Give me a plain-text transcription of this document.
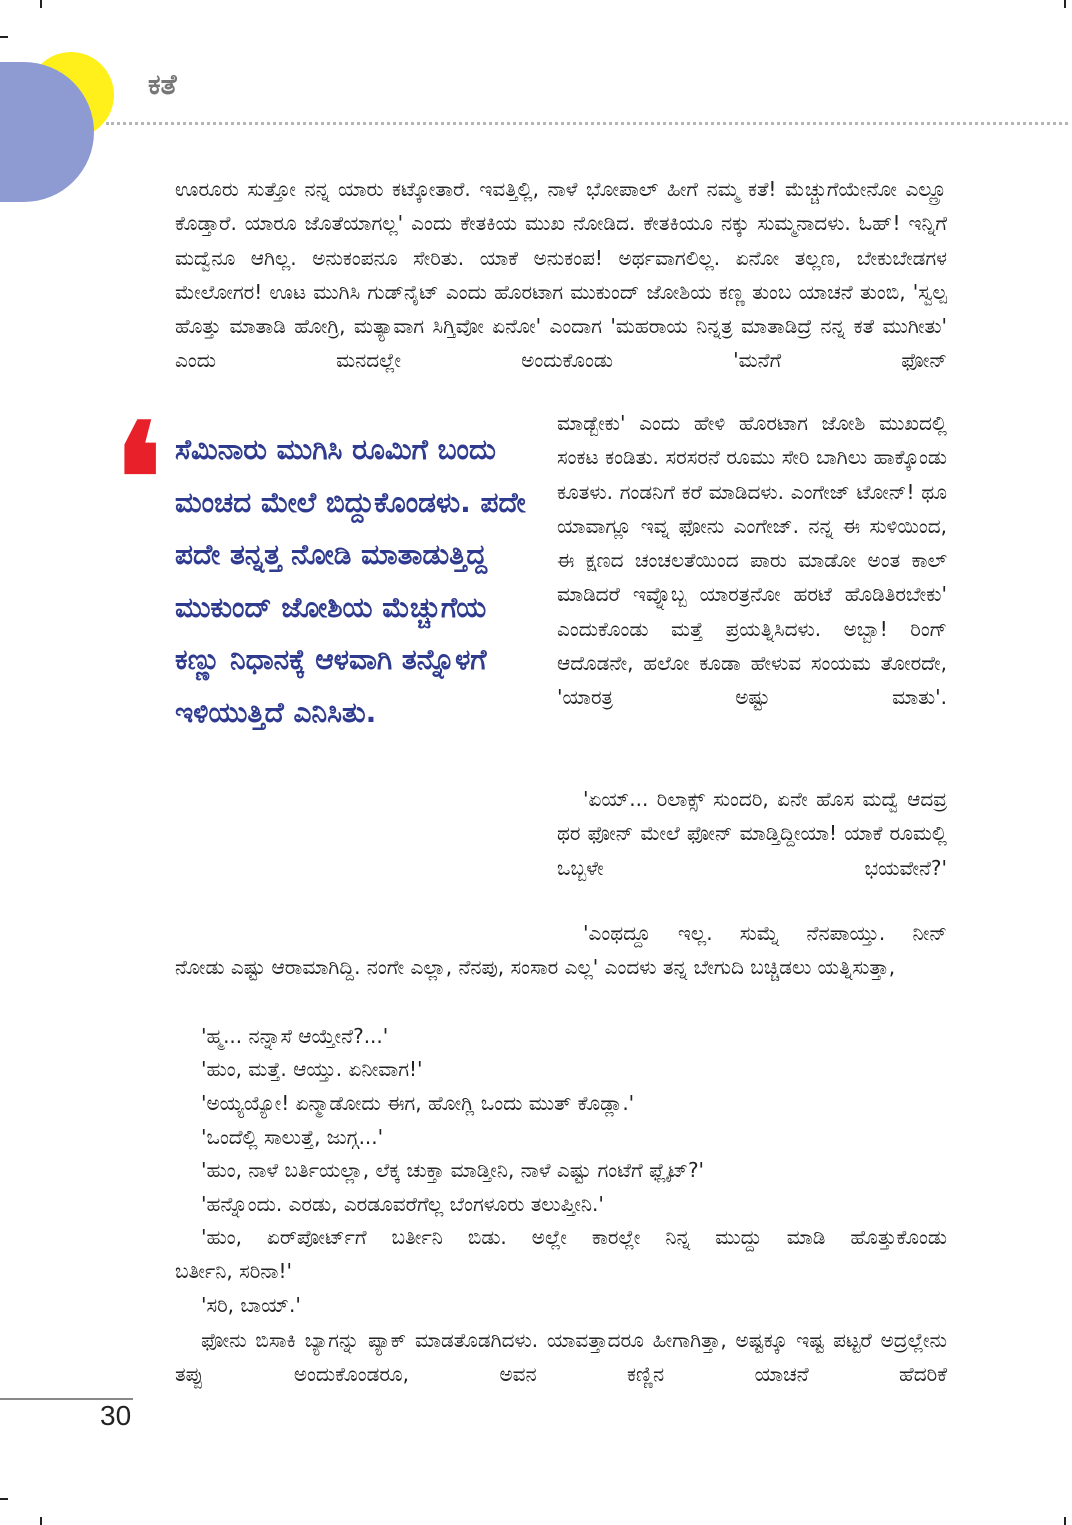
ಕತೆ

ಊರೂರು ಸುತ್ತೋ ನನ್ನ ಯಾರು ಕಟ್ಕೋತಾರೆ. ಇವತ್ತಿಲ್ಲಿ, ನಾಳೆ ಭೋಪಾಲ್ ಹೀಗೆ ನಮ್ಮ ಕತೆ! ಮೆಚ್ಚುಗೆಯೇನೋ ಎಲ್ಲ್ರೂ ಕೊಡ್ತಾರೆ. ಯಾರೂ ಜೊತೆಯಾಗಲ್ಲ' ಎಂದು ಕೇತಕಿಯ ಮುಖ ನೋಡಿದ. ಕೇತಕಿಯೂ ನಕ್ಕು ಸುಮ್ಮನಾದಳು. ಓಹ್! ಇನ್ನಿಗೆ ಮದ್ವೆನೂ ಆಗಿಲ್ಲ. ಅನುಕಂಪನೂ ಸೇರಿತು. ಯಾಕೆ ಅನುಕಂಪ! ಅರ್ಥವಾಗಲಿಲ್ಲ. ಏನೋ ತಲ್ಲಣ, ಬೇಕುಬೇಡಗಳ ಮೇಲೋಗರ! ಊಟ ಮುಗಿಸಿ ಗುಡ್‌ನೈಟ್ ಎಂದು ಹೊರಟಾಗ ಮುಕುಂದ್ ಜೋಶಿಯ ಕಣ್ಣ ತುಂಬ ಯಾಚನೆ ತುಂಬಿ, 'ಸ್ವಲ್ಪ ಹೊತ್ತು ಮಾತಾಡಿ ಹೋಗ್ರಿ, ಮತ್ಯಾವಾಗ ಸಿಗ್ತಿವೋ ಏನೋ' ಎಂದಾಗ 'ಮಹರಾಯ ನಿನ್ನತ್ರ ಮಾತಾಡಿದ್ರೆ ನನ್ನ ಕತೆ ಮುಗೀತು' ಎಂದು ಮನದಲ್ಲೇ ಅಂದುಕೊಂಡು 'ಮನೆಗೆ ಫೋನ್

❛ ಸೆಮಿನಾರು ಮುಗಿಸಿ ರೂಮಿಗೆ ಬಂದು ಮಂಚದ ಮೇಲೆ ಬಿದ್ದುಕೊಂಡಳು. ಪದೇ ಪದೇ ತನ್ನತ್ತ ನೋಡಿ ಮಾತಾಡುತ್ತಿದ್ದ ಮುಕುಂದ್ ಜೋಶಿಯ ಮೆಚ್ಚುಗೆಯ ಕಣ್ಣು ನಿಧಾನಕ್ಕೆ ಆಳವಾಗಿ ತನ್ನೊಳಗೆ ಇಳಿಯುತ್ತಿದೆ ಎನಿಸಿತು.

ಮಾಡ್ಬೇಕು' ಎಂದು ಹೇಳಿ ಹೊರಟಾಗ ಜೋಶಿ ಮುಖದಲ್ಲಿ ಸಂಕಟ ಕಂಡಿತು. ಸರಸರನೆ ರೂಮು ಸೇರಿ ಬಾಗಿಲು ಹಾಕ್ಕೊಂಡು ಕೂತಳು. ಗಂಡನಿಗೆ ಕರೆ ಮಾಡಿದಳು. ಎಂಗೇಜ್ ಟೋನ್! ಥೂ ಯಾವಾಗ್ಲೂ ಇವ್ನ ಫೋನು ಎಂಗೇಜ್. ನನ್ನ ಈ ಸುಳಿಯಿಂದ, ಈ ಕ್ಷಣದ ಚಂಚಲತೆಯಿಂದ ಪಾರು ಮಾಡೋ ಅಂತ ಕಾಲ್ ಮಾಡಿದರೆ ಇವ್ನೊಬ್ಬ ಯಾರತ್ರನೋ ಹರಟೆ ಹೊಡಿತಿರಬೇಕು' ಎಂದುಕೊಂಡು ಮತ್ತೆ ಪ್ರಯತ್ನಿಸಿದಳು. ಅಬ್ಬಾ! ರಿಂಗ್ ಆದೊಡನೇ, ಹಲೋ ಕೂಡಾ ಹೇಳುವ ಸಂಯಮ ತೋರದೇ, 'ಯಾರತ್ರ ಅಷ್ಟು ಮಾತು'.

'ಏಯ್... ರಿಲಾಕ್ಸ್ ಸುಂದರಿ, ಏನೇ ಹೊಸ ಮದ್ವೆ ಆದವ್ರ ಥರ ಫೋನ್ ಮೇಲೆ ಫೋನ್ ಮಾಡ್ತಿದ್ದೀಯಾ! ಯಾಕೆ ರೂಮಲ್ಲಿ ಒಬ್ಬಳೇ ಭಯವೇನೆ?'

'ಎಂಥದ್ದೂ ಇಲ್ಲ. ಸುಮ್ನೆ ನೆನಪಾಯ್ತು. ನೀನ್

ನೋಡು ಎಷ್ಟು ಆರಾಮಾಗಿದ್ದಿ. ನಂಗೇ ಎಲ್ಲಾ, ನೆನಪು, ಸಂಸಾರ ಎಲ್ಲ' ಎಂದಳು ತನ್ನ ಬೇಗುದಿ ಬಚ್ಚಿಡಲು ಯತ್ನಿಸುತ್ತಾ,

'ಹ್ಮ... ನನ್ನಾಸೆ ಆಯ್ತೇನೆ?...'

'ಹುಂ, ಮತ್ತೆ. ಆಯ್ತು. ಏನೀವಾಗ!'

'ಅಯ್ಯಯ್ಯೋ! ಏನ್ಮಾಡೋದು ಈಗ, ಹೋಗ್ಲಿ ಒಂದು ಮುತ್ ಕೊಡ್ಲಾ.'

'ಒಂದೆಲ್ಲಿ ಸಾಲುತ್ತೆ, ಜುಗ್ಗ...'

'ಹುಂ, ನಾಳೆ ಬರ್ತಿಯಲ್ಲಾ, ಲೆಕ್ಕ ಚುಕ್ತಾ ಮಾಡ್ತೀನಿ, ನಾಳೆ ಎಷ್ಟು ಗಂಟೆಗೆ ಫ್ಲೈಟ್?'

'ಹನ್ನೊಂದು. ಎರಡು, ಎರಡೂವರೆಗೆಲ್ಲ ಬೆಂಗಳೂರು ತಲುಪ್ತೀನಿ.'

'ಹುಂ, ಏರ್‌ಪೋರ್ಟ್‌ಗೆ ಬರ್ತೀನಿ ಬಿಡು. ಅಲ್ಲೇ ಕಾರಲ್ಲೇ ನಿನ್ನ ಮುದ್ದು ಮಾಡಿ ಹೊತ್ತುಕೊಂಡು

ಬರ್ತೀನಿ, ಸರಿನಾ!'

'ಸರಿ, ಬಾಯ್.'

ಫೋನು ಬಿಸಾಕಿ ಬ್ಯಾಗನ್ನು ಪ್ಯಾಕ್ ಮಾಡತೊಡಗಿದಳು. ಯಾವತ್ತಾದರೂ ಹೀಗಾಗಿತ್ತಾ, ಅಷ್ಟಕ್ಕೂ ಇಷ್ಟ ಪಟ್ಟರೆ ಅದ್ರಲ್ಲೇನು ತಪ್ಪು ಅಂದುಕೊಂಡರೂ, ಅವನ ಕಣ್ಣಿನ ಯಾಚನೆ ಹೆದರಿಕೆ

30
